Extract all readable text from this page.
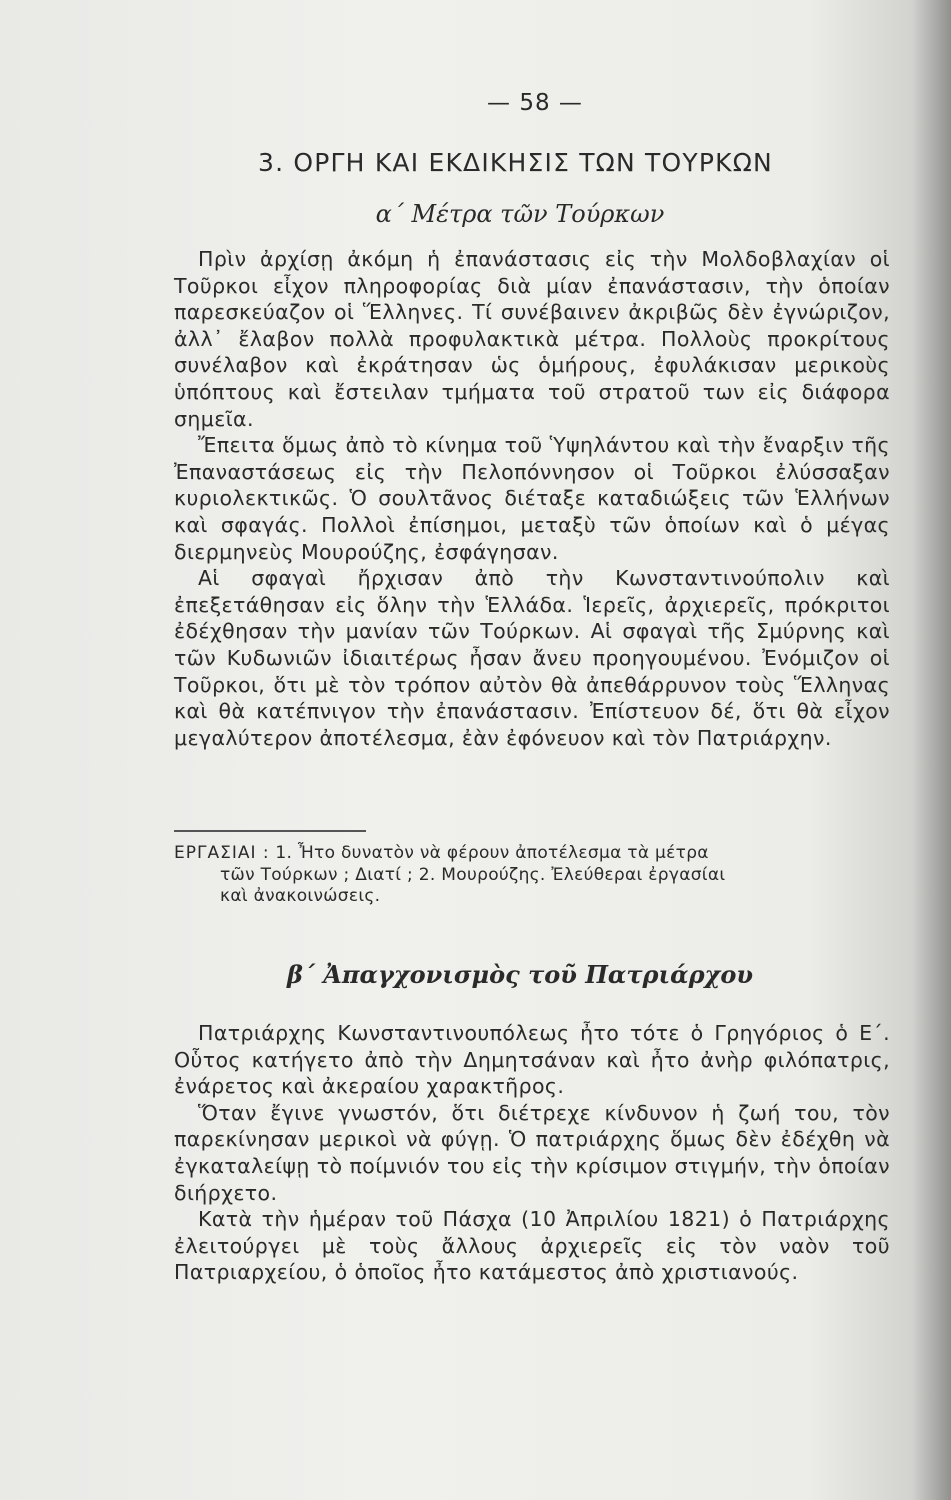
— 58 —
3. ΟΡΓΗ ΚΑΙ ΕΚΔΙΚΗΣΙΣ ΤΩΝ ΤΟΥΡΚΩΝ
α΄ Μέτρα τῶν Τούρκων

Πρὶν ἀρχίσῃ ἀκόμη ἡ ἐπανάστασις εἰς τὴν Μολδοβλαχίαν οἱ Τοῦρκοι εἶχον πληροφορίας διὰ μίαν ἐπανάστασιν, τὴν ὁποίαν παρεσκεύαζον οἱ Ἕλληνες. Τί συνέβαινεν ἀκριβῶς δὲν ἐγνώριζον, ἀλλ᾽ ἔλαβον πολλὰ προφυλακτικὰ μέτρα. Πολλοὺς προκρίτους συνέλαβον καὶ ἐκράτησαν ὡς ὁμήρους, ἐφυλάκισαν μερικοὺς ὑπόπτους καὶ ἔστειλαν τμήματα τοῦ στρατοῦ των εἰς διάφορα σημεῖα.

Ἔπειτα ὅμως ἀπὸ τὸ κίνημα τοῦ Ὑψηλάντου καὶ τὴν ἔναρξιν τῆς Ἐπαναστάσεως εἰς τὴν Πελοπόννησον οἱ Τοῦρκοι ἐλύσσαξαν κυριολεκτικῶς. Ὁ σουλτᾶνος διέταξε καταδιώξεις τῶν Ἑλλήνων καὶ σφαγάς. Πολλοὶ ἐπίσημοι, μεταξὺ τῶν ὁποίων καὶ ὁ μέγας διερμηνεὺς Μουρούζης, ἐσφάγησαν.

Αἱ σφαγαὶ ἤρχισαν ἀπὸ τὴν Κωνσταντινούπολιν καὶ ἐπεξετάθησαν εἰς ὅλην τὴν Ἑλλάδα. Ἱερεῖς, ἀρχιερεῖς, πρόκριτοι ἐδέχθησαν τὴν μανίαν τῶν Τούρκων. Αἱ σφαγαὶ τῆς Σμύρνης καὶ τῶν Κυδωνιῶν ἰδιαιτέρως ἦσαν ἄνευ προηγουμένου. Ἐνόμιζον οἱ Τοῦρκοι, ὅτι μὲ τὸν τρόπον αὐτὸν θὰ ἀπεθάρρυνον τοὺς Ἕλληνας καὶ θὰ κατέπνιγον τὴν ἐπανάστασιν. Ἐπίστευον δέ, ὅτι θὰ εἶχον μεγαλύτερον ἀποτέλεσμα, ἐὰν ἐφόνευον καὶ τὸν Πατριάρχην.

ΕΡΓΑΣΙΑΙ : 1. Ἦτο δυνατὸν νὰ φέρουν ἀποτέλεσμα τὰ μέτρα
τῶν Τούρκων ; Διατί ; 2. Μουρούζης. Ἐλεύθεραι ἐργασίαι
καὶ ἀνακοινώσεις.
β΄ Ἀπαγχονισμὸς τοῦ Πατριάρχου

Πατριάρχης Κωνσταντινουπόλεως ἦτο τότε ὁ Γρηγόριος ὁ Ε΄. Οὗτος κατήγετο ἀπὸ τὴν Δημητσάναν καὶ ἦτο ἀνὴρ φιλόπατρις, ἐνάρετος καὶ ἀκεραίου χαρακτῆρος.

Ὅταν ἔγινε γνωστόν, ὅτι διέτρεχε κίνδυνον ἡ ζωή του, τὸν παρεκίνησαν μερικοὶ νὰ φύγῃ. Ὁ πατριάρχης ὅμως δὲν ἐδέχθη νὰ ἐγκαταλείψῃ τὸ ποίμνιόν του εἰς τὴν κρίσιμον στιγμήν, τὴν ὁποίαν διήρχετο.

Κατὰ τὴν ἡμέραν τοῦ Πάσχα (10 Ἀπριλίου 1821) ὁ Πατριάρχης ἐλειτούργει μὲ τοὺς ἄλλους ἀρχιερεῖς εἰς τὸν ναὸν τοῦ Πατριαρχείου, ὁ ὁποῖος ἦτο κατάμεστος ἀπὸ χριστιανούς.
